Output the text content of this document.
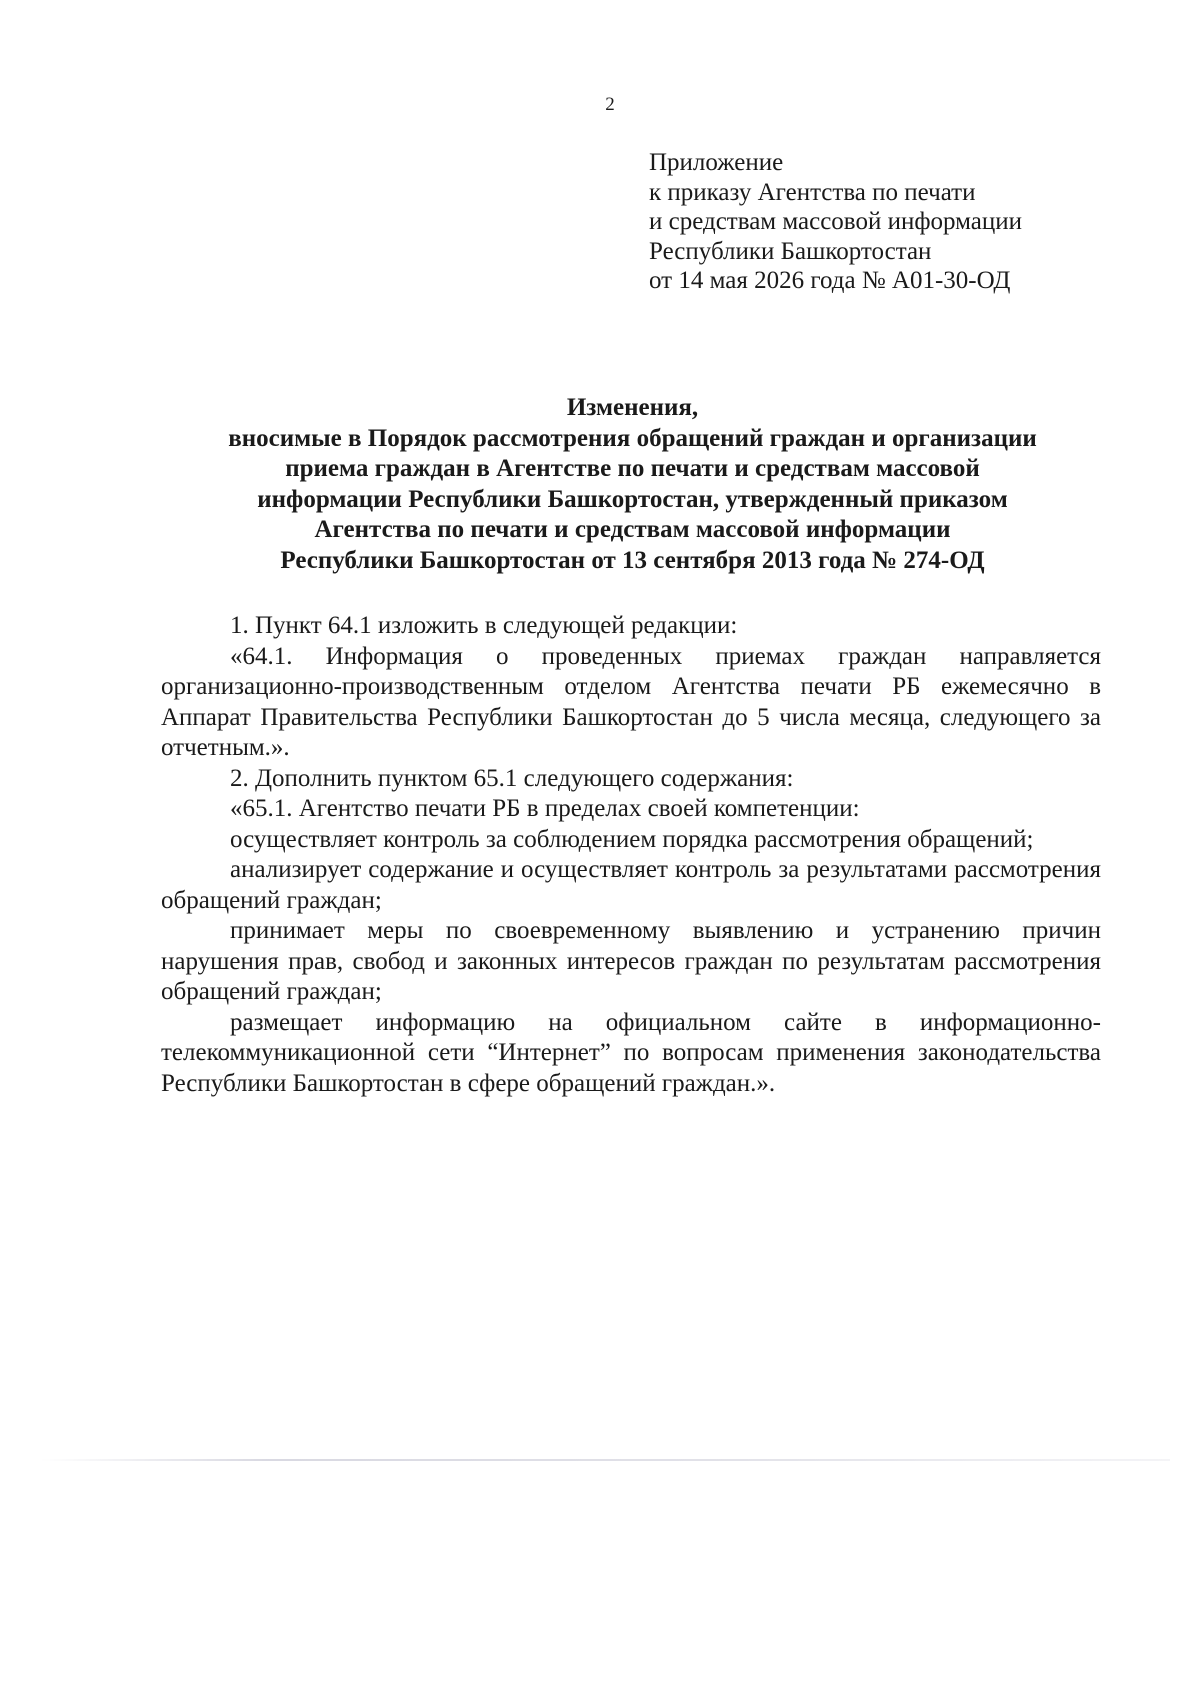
2
Приложение
к приказу Агентства по печати
и средствам массовой информации
Республики Башкортостан
от 14 мая 2026 года № А01-30-ОД
Изменения,
вносимые в Порядок рассмотрения обращений граждан и организации
приема граждан в Агентстве по печати и средствам массовой
информации Республики Башкортостан, утвержденный приказом
Агентства по печати и средствам массовой информации
Республики Башкортостан от 13 сентября 2013 года № 274-ОД

1. Пункт 64.1 изложить в следующей редакции:

«64.1. Информация о проведенных приемах граждан направляется организационно-производственным отделом Агентства печати РБ ежемесячно в Аппарат Правительства Республики Башкортостан до 5 числа месяца, следующего за отчетным.».

2. Дополнить пунктом 65.1 следующего содержания:

«65.1. Агентство печати РБ в пределах своей компетенции:

осуществляет контроль за соблюдением порядка рассмотрения обращений;

анализирует содержание и осуществляет контроль за результатами рассмотрения обращений граждан;

принимает меры по своевременному выявлению и устранению причин нарушения прав, свобод и законных интересов граждан по результатам рассмотрения обращений граждан;

размещает информацию на официальном сайте в информационно-телекоммуникационной сети “Интернет” по вопросам применения законодательства Республики Башкортостан в сфере обращений граждан.».
